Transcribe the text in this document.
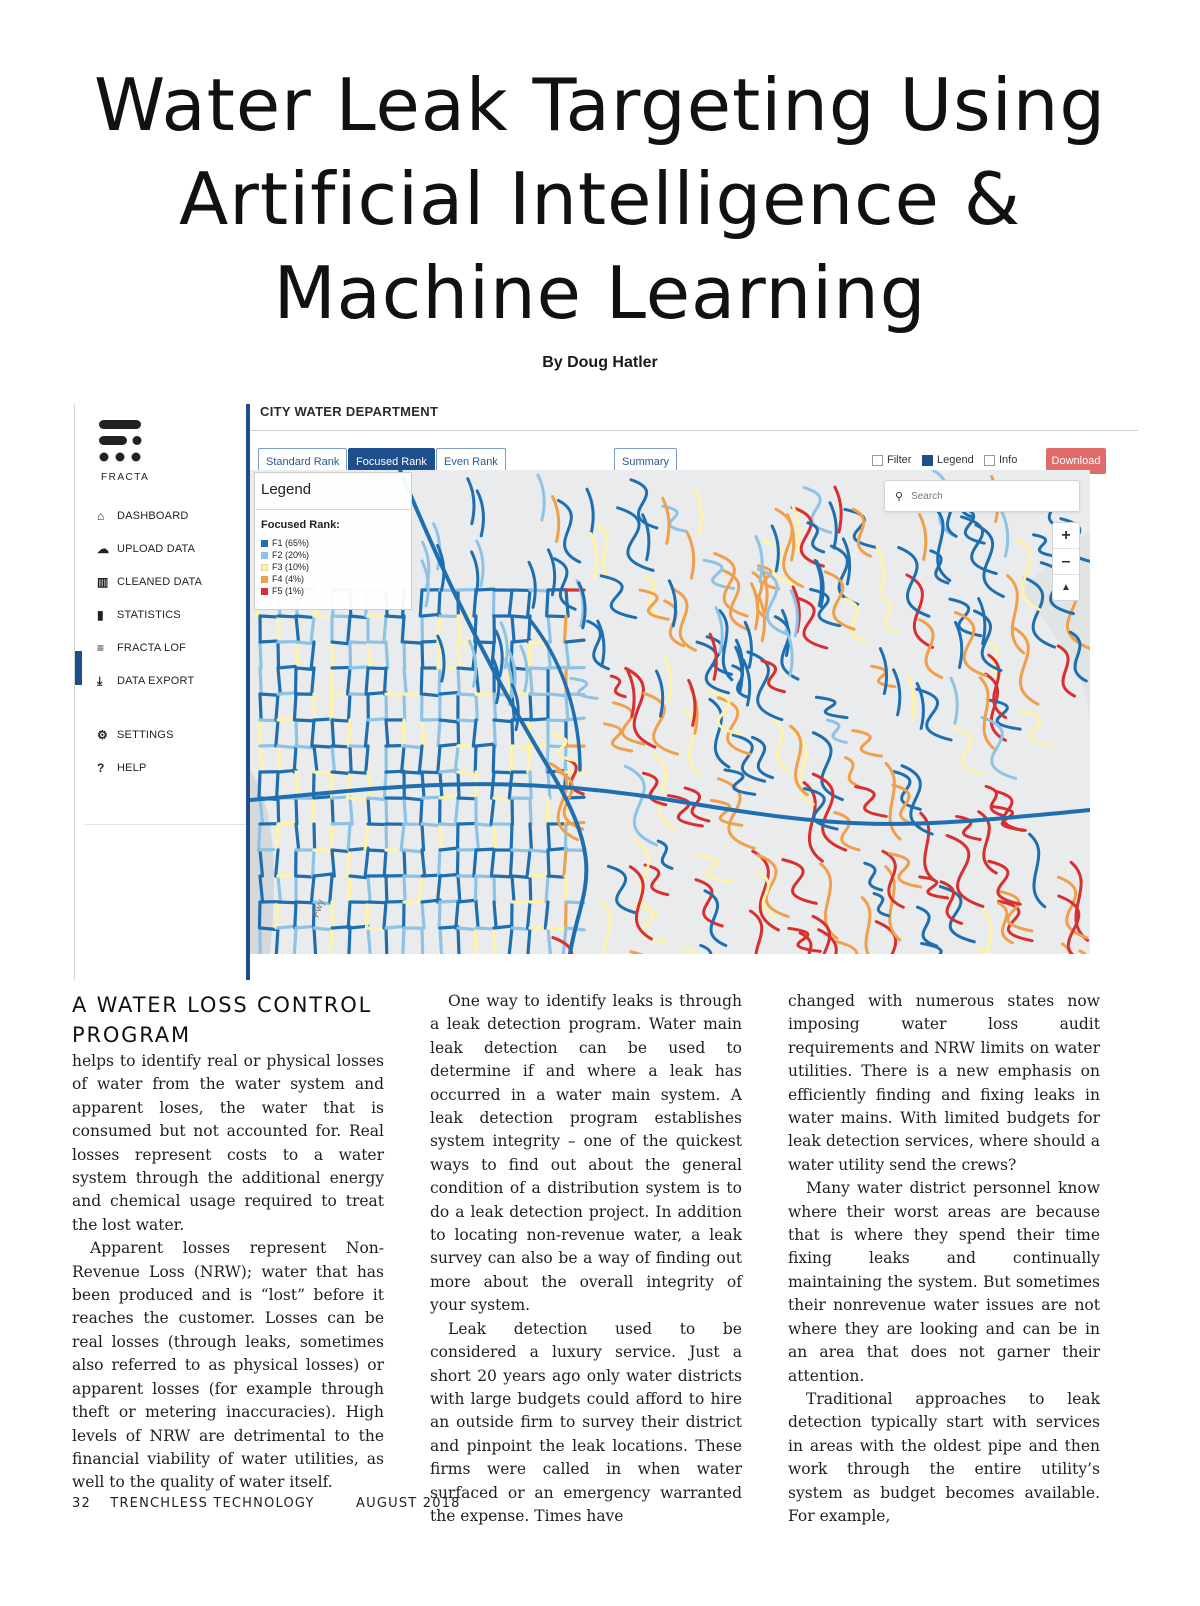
Water Leak Targeting Using
Artificial Intelligence &
Machine Learning
By Doug Hatler
FRACTA
⌂	DASHBOARD
☁ UPLOAD DATA
▥ CLEANED DATA
▮	STATISTICS
≡	FRACTA LOF
⤓	DATA EXPORT
⚙ SETTINGS
?	HELP
CITY WATER DEPARTMENT
Standard Rank	Focused Rank	Even Rank	Summary	Filter Legend Info	Download
Fwy
Legend
Focused Rank:
F1 (65%)
F2 (20%)
F3 (10%)
F4 (4%)
F5 (1%)
⚲ Search
+
–
▲
A WATER LOSS CONTROL
PROGRAM

helps to identify real or physical losses of water from the water system and apparent loses, the water that is consumed but not accounted for. Real losses represent costs to a water system through the additional energy and chemical usage required to treat the lost water.

Apparent losses represent Non-Revenue Loss (NRW); water that has been produced and is “lost” before it reaches the customer. Losses can be real losses (through leaks, sometimes also referred to as physical losses) or apparent losses (for example through theft or metering inaccuracies). High levels of NRW are detrimental to the financial viability of water utilities, as well to the quality of water itself.

One way to identify leaks is through a leak detection program. Water main leak detection can be used to determine if and where a leak has occurred in a water main system. A leak detection program establishes system integrity – one of the quickest ways to find out about the general condition of a distribution system is to do a leak detection project. In addition to locating non-revenue water, a leak survey can also be a way of finding out more about the overall integrity of your system.

Leak detection used to be considered a luxury service. Just a short 20 years ago only water districts with large budgets could afford to hire an outside firm to survey their district and pinpoint the leak locations. These firms were called in when water surfaced or an emergency warranted the expense. Times have

changed with numerous states now imposing water loss audit requirements and NRW limits on water utilities. There is a new emphasis on efficiently finding and fixing leaks in water mains. With limited budgets for leak detection services, where should a water utility send the crews?

Many water district personnel know where their worst areas are because that is where they spend their time fixing leaks and continually maintaining the system. But sometimes their nonrevenue water issues are not where they are looking and can be in an area that does not garner their attention.

Traditional approaches to leak detection typically start with services in areas with the oldest pipe and then work through the entire utility’s system as budget becomes available. For example,

32 TRENCHLESS TECHNOLOGY	AUGUST 2018
